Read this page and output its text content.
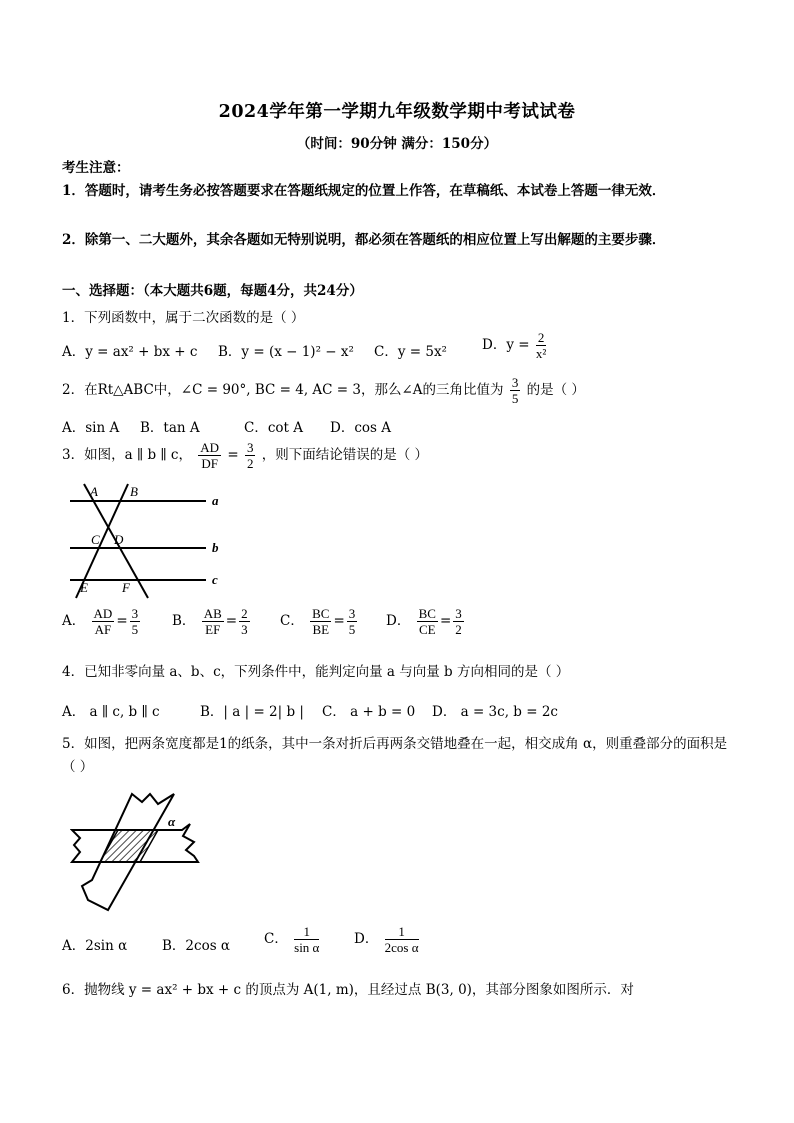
2024学年第一学期九年级数学期中考试试卷
（时间：90分钟 满分：150分）
考生注意：
1．答题时，请考生务必按答题要求在答题纸规定的位置上作答，在草稿纸、本试卷上答题一律无效．
2．除第一、二大题外，其余各题如无特别说明，都必须在答题纸的相应位置上写出解题的主要步骤．
一、选择题：（本大题共6题，每题4分，共24分）
1．下列函数中，属于二次函数的是（ ）
A．y = ax² + bx + c B．y = (x − 1)² − x² C．y = 5x²	D．$y = \frac{2}{\text{x²}}$
2．在Rt△ABC中，∠C = 90°, BC = 4, AC = 3，那么∠A的三角比值为 $\frac{3}{5}$ 的是（ ）
A．sin A B．tan A	C．cot A D．cos A
3．如图，a ∥ b ∥ c， $\frac{AD}{DF} = \frac{3}{2}$ ，则下面结论错误的是（ ）
A B
C D
E	F
a
b
c
A． $\frac{AD}{AF} = \frac{3}{5}$ B． $\frac{AB}{EF} = \frac{2}{3}$ C． $\frac{BC}{BE} = \frac{3}{5}$ D． $\frac{BC}{CE} = \frac{3}{2}$
4．已知非零向量 a、b、c，下列条件中，能判定向量 a 与向量 b 方向相同的是（ ）
A． a ∥ c, b ∥ c	B．| a | = 2| b | C． a + b = 0 D． a = 3c, b = 2c
5．如图，把两条宽度都是1的纸条，其中一条对折后再两条交错地叠在一起，相交成角 α，则重叠部分的面积是（ ）
α
A．2sin α	B．2cos α	C． $\frac{1}{\text{sin α}}$	D． $\frac{1}{\text{2cos α}}$
6．抛物线 y = ax² + bx + c 的顶点为 A(1, m)，且经过点 B(3, 0)，其部分图象如图所示．对
